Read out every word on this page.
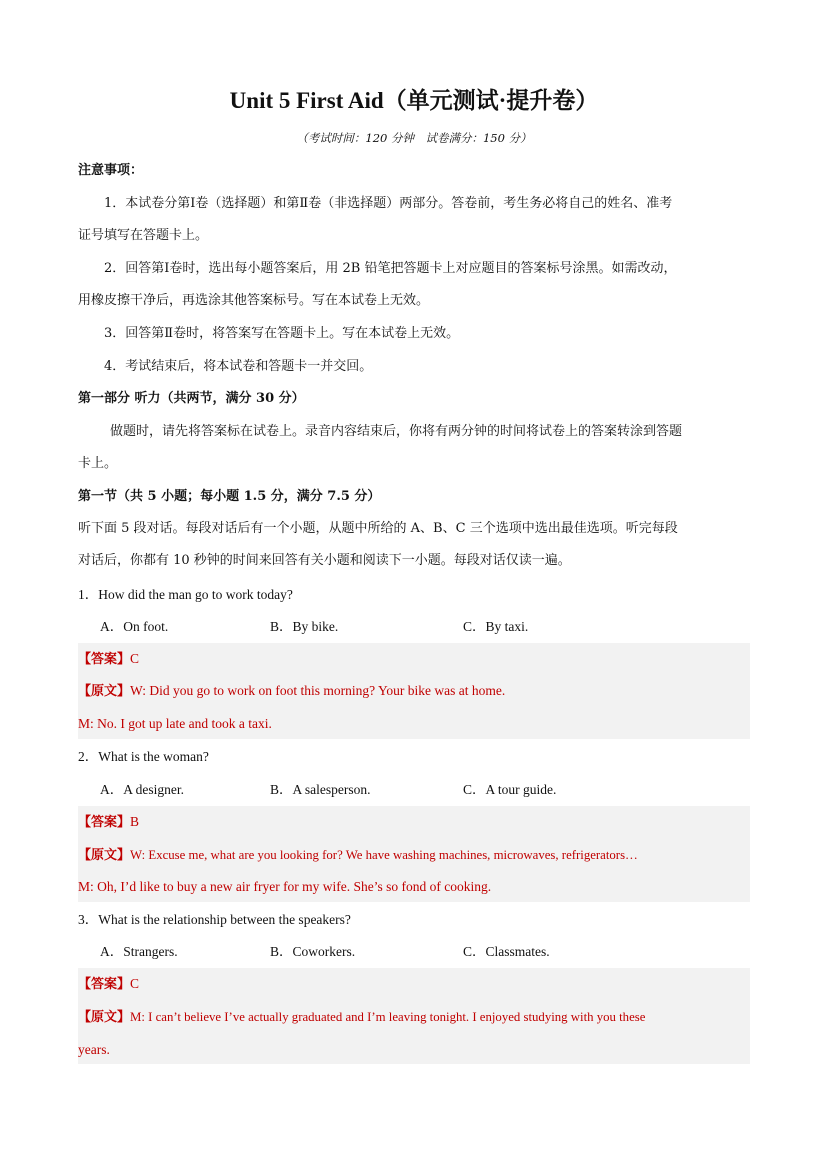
Unit 5 First Aid（单元测试·提升卷）
（考试时间：120 分钟　试卷满分：150 分）
注意事项：
1．本试卷分第Ⅰ卷（选择题）和第Ⅱ卷（非选择题）两部分。答卷前，考生务必将自己的姓名、准考
证号填写在答题卡上。
2．回答第Ⅰ卷时，选出每小题答案后，用 2B 铅笔把答题卡上对应题目的答案标号涂黑。如需改动，
用橡皮擦干净后，再选涂其他答案标号。写在本试卷上无效。
3．回答第Ⅱ卷时，将答案写在答题卡上。写在本试卷上无效。
4．考试结束后，将本试卷和答题卡一并交回。
第一部分 听力（共两节，满分 30 分）
做题时，请先将答案标在试卷上。录音内容结束后，你将有两分钟的时间将试卷上的答案转涂到答题
卡上。
第一节（共 5 小题；每小题 1.5 分，满分 7.5 分）
听下面 5 段对话。每段对话后有一个小题，从题中所给的 A、B、C 三个选项中选出最佳选项。听完每段
对话后，你都有 10 秒钟的时间来回答有关小题和阅读下一小题。每段对话仅读一遍。
1．How did the man go to work today?
A．On foot.	B．By bike.	C．By taxi.
【答案】C
【原文】W: Did you go to work on foot this morning? Your bike was at home.
M: No. I got up late and took a taxi.
2．What is the woman?
A．A designer.	B．A salesperson.	C．A tour guide.
【答案】B
【原文】W: Excuse me, what are you looking for? We have washing machines, microwaves, refrigerators…
M: Oh, I’d like to buy a new air fryer for my wife. She’s so fond of cooking.
3．What is the relationship between the speakers?
A．Strangers.	B．Coworkers.	C．Classmates.
【答案】C
【原文】M: I can’t believe I’ve actually graduated and I’m leaving tonight. I enjoyed studying with you these
years.
